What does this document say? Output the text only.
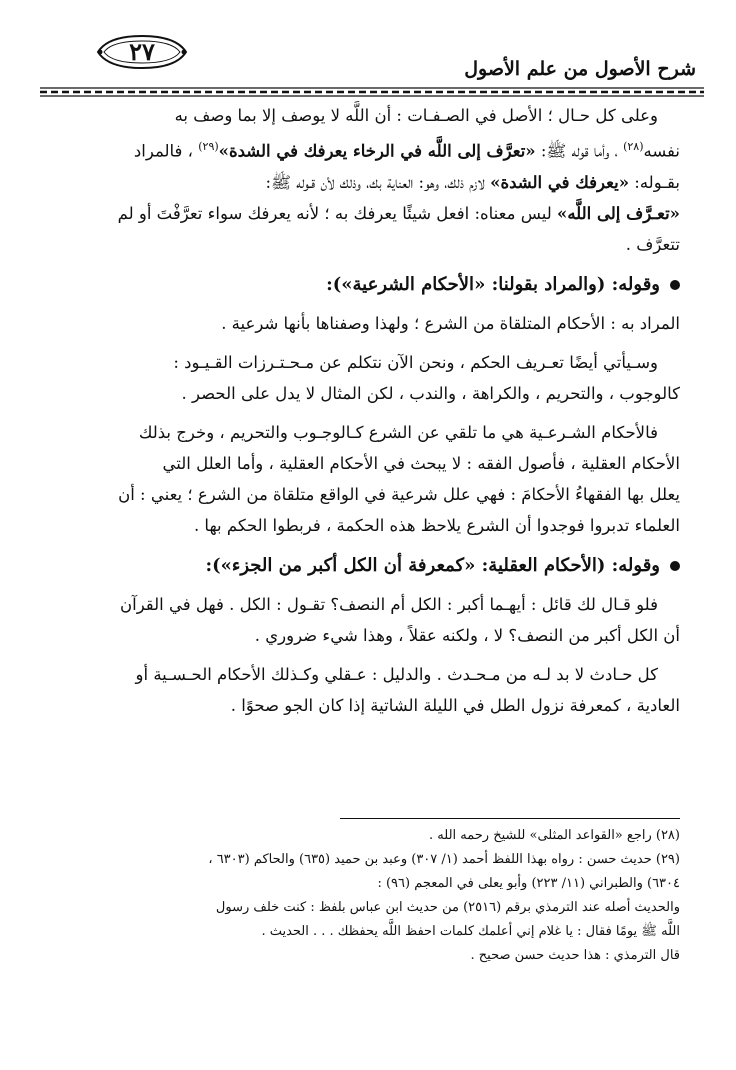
٢٧
شرح الأصول من علم الأصول

وعلى كل حـال ؛ الأصل في الصـفـات : أن اللَّه لا يوصف إلا بما وصف به
نفسه$^{(٢٨)}$ ، وأما قوله ﷺ: «تعرَّف إلى اللَّه في الرخاء يعرفك في الشدة»$^{(٢٩)}$ ، فالمراد
بقـوله: «يعرفك في الشدة» لازم ذلك، وهو: العناية بك، وذلك لأن قـوله ﷺ:
«تعـرَّف إلى اللَّه» ليس معناه: افعل شيئًا يعرفك به ؛ لأنه يعرفك سواء تعرَّفْتَ أو لم
تتعرَّف .

وقوله: (والمراد بقولنا: «الأحكام الشرعية»):

المراد به : الأحكام المتلقاة من الشرع ؛ ولهذا وصفناها بأنها شرعية .

وسـيأتي أيضًا تعـريف الحكم ، ونحن الآن نتكلم عن مـحـتـرزات القـيـود :
كالوجوب ، والتحريم ، والكراهة ، والندب ، لكن المثال لا يدل على الحصر .

فالأحكام الشـرعـية هي ما تلقي عن الشرع كـالوجـوب والتحريم ، وخرج بذلك
الأحكام العقلية ، فأصول الفقه : لا يبحث في الأحكام العقلية ، وأما العلل التي
يعلل بها الفقهاءُ الأحكامَ : فهي علل شرعية في الواقع متلقاة من الشرع ؛ يعني : أن
العلماء تدبروا فوجدوا أن الشرع يلاحظ هذه الحكمة ، فربطوا الحكم بها .

وقوله: (الأحكام العقلية: «كمعرفة أن الكل أكبر من الجزء»):

فلو قـال لك قائل : أيهـما أكبر : الكل أم النصف؟ تقـول : الكل . فهل في القرآن
أن الكل أكبر من النصف؟ لا ، ولكنه عقلاً ، وهذا شيء ضروري .

كل حـادث لا بد لـه من مـحـدث . والدليل : عـقلي وكـذلك الأحكام الحـسـية أو
العادية ، كمعرفة نزول الطل في الليلة الشاتية إذا كان الجو صحوًا .

(٢٨) راجع «القواعد المثلى» للشيخ رحمه الله .

(٢٩) حديث حسن : رواه بهذا اللفظ أحمد (١/ ٣٠٧) وعبد بن حميد (٦٣٥) والحاكم (٦٣٠٣ ،

٦٣٠٤) والطبراني (١١/ ٢٢٣) وأبو يعلى في المعجم (٩٦) :

والحديث أصله عند الترمذي برقم (٢٥١٦) من حديث ابن عباس بلفظ : كنت خلف رسول

اللَّه ﷺ يومًا فقال : يا غلام إني أعلمك كلمات احفظ اللَّه يحفظك . . . الحديث .

قال الترمذي : هذا حديث حسن صحيح .
